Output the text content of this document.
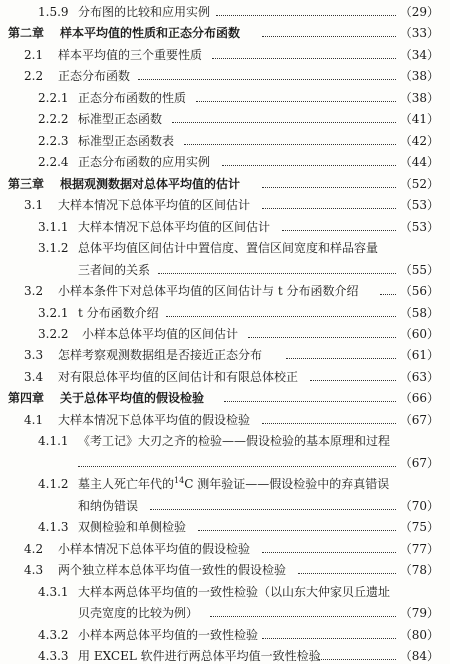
1.5.9 分布图的比较和应用实例	（29）
第二章 样本平均值的性质和正态分布函数	（33）
2.1 样本平均值的三个重要性质	（34）
2.2 正态分布函数	（38）
2.2.1 正态分布函数的性质	（38）
2.2.2 标准型正态函数	（41）
2.2.3 标准型正态函数表	（42）
2.2.4 正态分布函数的应用实例	（44）
第三章 根据观测数据对总体平均值的估计	（52）
3.1 大样本情况下总体平均值的区间估计	（53）
3.1.1 大样本情况下总体平均值的区间估计	（53）
3.1.2 总体平均值区间估计中置信度、置信区间宽度和样品容量
三者间的关系	（55）
3.2 小样本条件下对总体平均值的区间估计与 t 分布函数介绍	（56）
3.2.1 t 分布函数介绍	（58）
3.2.2 小样本总体平均值的区间估计	（60）
3.3 怎样考察观测数据组是否接近正态分布	（61）
3.4 对有限总体平均值的区间估计和有限总体校正	（63）
第四章 关于总体平均值的假设检验	（66）
4.1 大样本情况下总体平均值的假设检验	（67）
4.1.1 《考工记》大刃之齐的检验——假设检验的基本原理和过程
（67）
4.1.2 墓主人死亡年代的$^{14}$C 测年验证——假设检验中的弃真错误
和纳伪错误	（70）
4.1.3 双侧检验和单侧检验	（75）
4.2 小样本情况下总体平均值的假设检验	（77）
4.3 两个独立样本总体平均值一致性的假设检验	（78）
4.3.1 大样本两总体平均值的一致性检验（以山东大仲家贝丘遗址
贝壳宽度的比较为例）	（79）
4.3.2 小样本两总体平均值的一致性检验	（80）
4.3.3 用 EXCEL 软件进行两总体平均值一致性检验	（84）
